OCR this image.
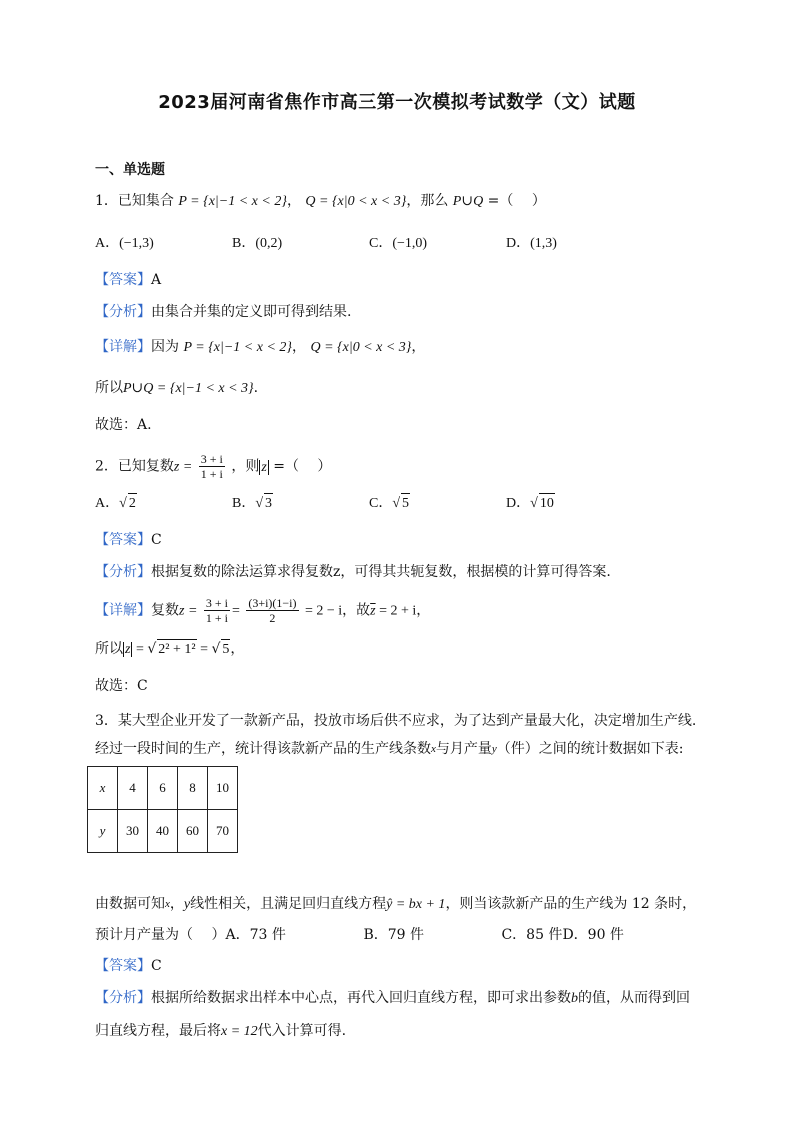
2023届河南省焦作市高三第一次模拟考试数学（文）试题
一、单选题
1．已知集合 P = {x|−1 < x < 2}， Q = {x|0 < x < 3}，那么 P∪Q =（　 ）
A．(−1,3)	B．(0,2)	C．(−1,0)	D．(1,3)
【答案】A
【分析】由集合并集的定义即可得到结果.
【详解】因为 P = {x|−1 < x < 2}， Q = {x|0 < x < 3}，
所以P∪Q = {x|−1 < x < 3}.
故选：A.
2．已知复数$z = \frac{3 + i}{1 + i}$ ，则 z =（　 ）
A．√ 2	B．√ 3	C．√ 5	D．√ 10
【答案】C
【分析】根据复数的除法运算求得复数z，可得其共轭复数，根据模的计算可得答案.
【详解】复数$z = \frac{3 + i}{1 + i} = \frac{(3+i)(1-i)}{2} = 2 - i$，故$\overline{z} = 2 + i$，
所以 z = √ 2² + 1² = √ 5，
故选：C
3．某大型企业开发了一款新产品，投放市场后供不应求，为了达到产量最大化，决定增加生产线.
经过一段时间的生产，统计得该款新产品的生产线条数$^x$与月产量$^y$（件）之间的统计数据如下表:
x	4	6	8	10
y	30	40	60	70
由数据可知$^x$，y线性相关，且满足回归直线方程ŷ = bx + 1，则当该款新产品的生产线为 12 条时，
预计月产量为（　 ）A．73 件	B．79 件	C．85 件D．90 件
【答案】C
【分析】根据所给数据求出样本中心点，再代入回归直线方程，即可求出参数b的值，从而得到回
归直线方程，最后将x = 12代入计算可得.
